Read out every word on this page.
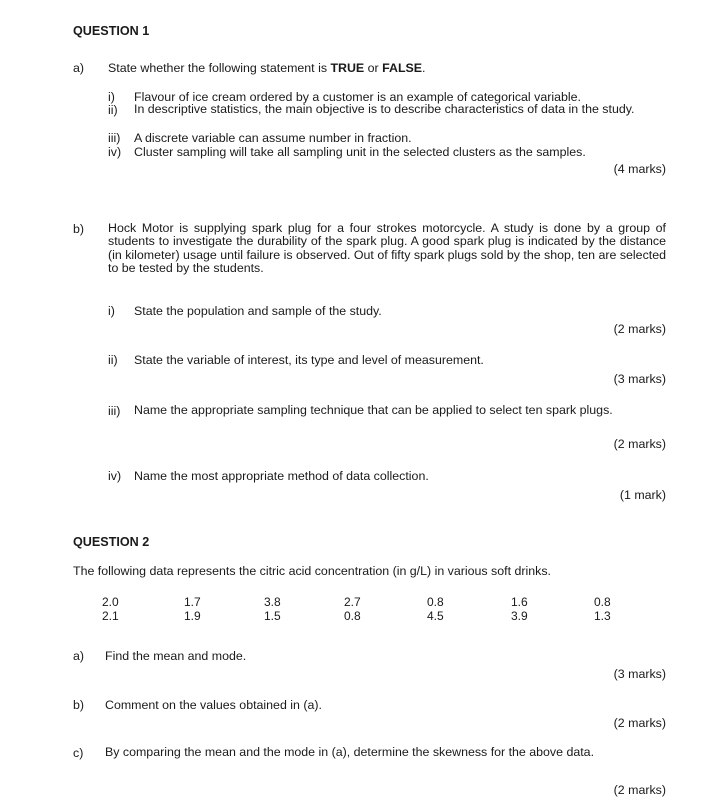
QUESTION 1
a) State whether the following statement is TRUE or FALSE.
i) Flavour of ice cream ordered by a customer is an example of categorical variable.
ii) In descriptive statistics, the main objective is to describe characteristics of data in the study.
iii) A discrete variable can assume number in fraction.
iv) Cluster sampling will take all sampling unit in the selected clusters as the samples.
(4 marks)
b) Hock Motor is supplying spark plug for a four strokes motorcycle. A study is done by a group of students to investigate the durability of the spark plug. A good spark plug is indicated by the distance (in kilometer) usage until failure is observed. Out of fifty spark plugs sold by the shop, ten are selected to be tested by the students.
i) State the population and sample of the study.
(2 marks)
ii) State the variable of interest, its type and level of measurement.
(3 marks)
iii) Name the appropriate sampling technique that can be applied to select ten spark plugs.
(2 marks)
iv) Name the most appropriate method of data collection.
(1 mark)
QUESTION 2
The following data represents the citric acid concentration (in g/L) in various soft drinks.
2.0	1.7	3.8	2.7	0.8	1.6	0.8
2.1	1.9	1.5	0.8	4.5	3.9	1.3
a) Find the mean and mode.
(3 marks)
b) Comment on the values obtained in (a).
(2 marks)
c) By comparing the mean and the mode in (a), determine the skewness for the above data.
(2 marks)
